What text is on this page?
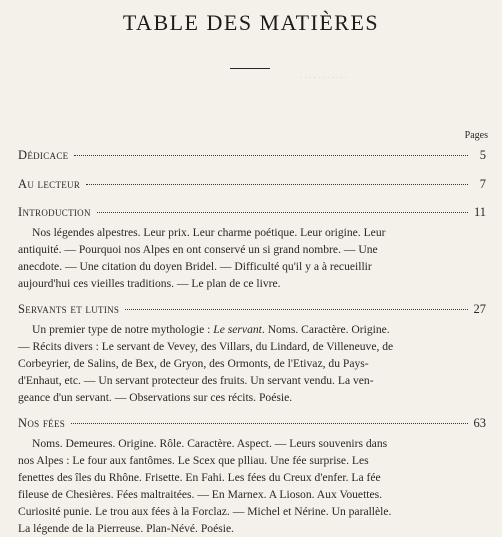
. . . . . . . . . . .
TABLE DES MATIÈRES
Pages
Dédicace	5
Au lecteur	7
Introduction	11
Nos légendes alpestres. Leur prix. Leur charme poétique. Leur origine. Leur
antiquité. — Pourquoi nos Alpes en ont conservé un si grand nombre. — Une
anecdote. — Une citation du doyen Bridel. — Difficulté qu'il y a à recueillir
aujourd'hui ces vieilles traditions. — Le plan de ce livre.
Servants et lutins	27
Un premier type de notre mythologie : Le servant. Noms. Caractère. Origine.
— Récits divers : Le servant de Vevey, des Villars, du Lindard, de Villeneuve, de
Corbeyrier, de Salins, de Bex, de Gryon, des Ormonts, de l'Etivaz, du Pays-
d'Enhaut, etc. — Un servant protecteur des fruits. Un servant vendu. La ven-
geance d'un servant. — Observations sur ces récits. Poésie.
Nos fées	63
Noms. Demeures. Origine. Rôle. Caractère. Aspect. — Leurs souvenirs dans
nos Alpes : Le four aux fantômes. Le Scex que plliau. Une fée surprise. Les
fenettes des îles du Rhône. Frisette. En Fahi. Les fées du Creux d'enfer. La fée
fileuse de Chesières. Fées maltraitées. — En Marnex. A Lioson. Aux Vouettes.
Curiosité punie. Le trou aux fées à la Forclaz. — Michel et Nérine. Un parallèle.
La légende de la Pierreuse. Plan-Névé. Poésie.
